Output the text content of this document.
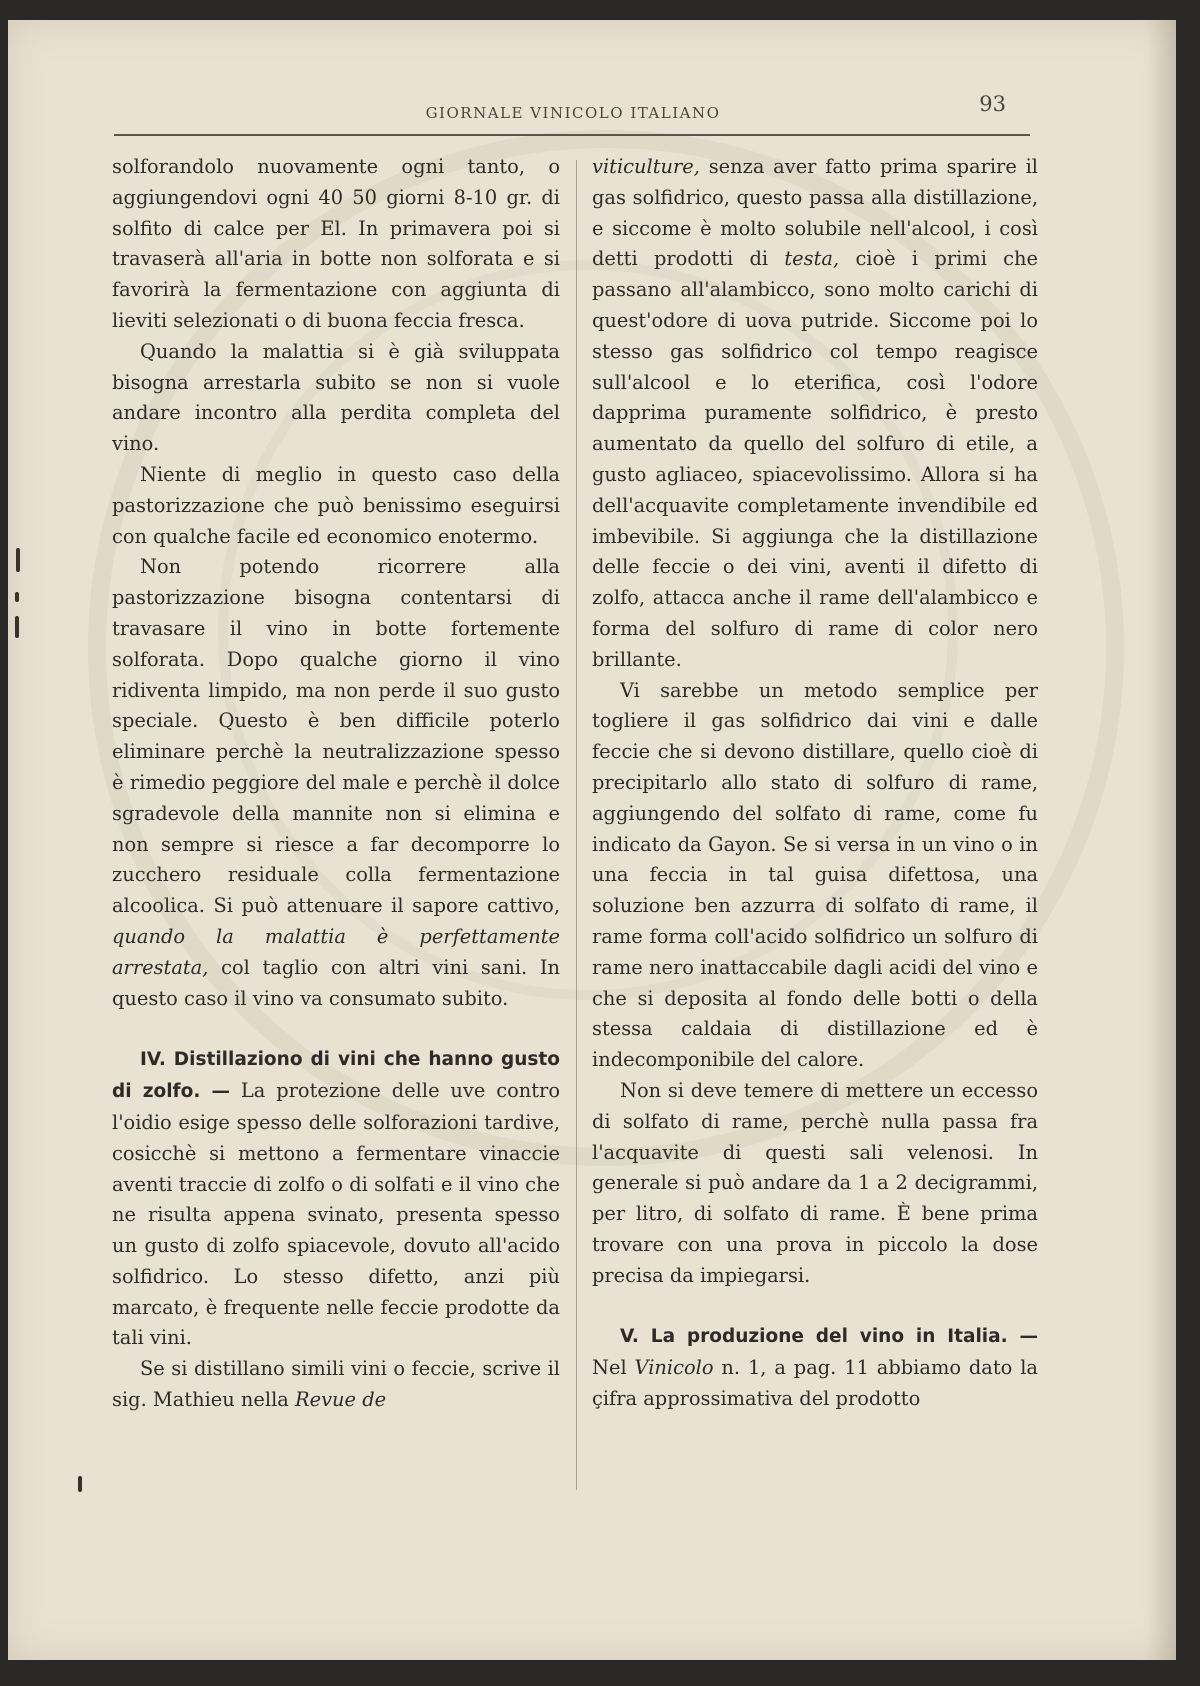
GIORNALE VINICOLO ITALIANO	93

solforandolo nuovamente ogni tanto, o aggiungendovi ogni 40 50 giorni 8-10 gr. di solfito di calce per El. In primavera poi si travaserà all'aria in botte non solforata e si favorirà la fermentazione con aggiunta di lieviti selezionati o di buona feccia fresca.

Quando la malattia si è già sviluppata bisogna arrestarla subito se non si vuole andare incontro alla perdita completa del vino.

Niente di meglio in questo caso della pastorizzazione che può benissimo eseguirsi con qualche facile ed economico enotermo.

Non potendo ricorrere alla pastorizzazione bisogna contentarsi di travasare il vino in botte fortemente solforata. Dopo qualche giorno il vino ridiventa limpido, ma non perde il suo gusto speciale. Questo è ben difficile poterlo eliminare perchè la neutralizzazione spesso è rimedio peggiore del male e perchè il dolce sgradevole della mannite non si elimina e non sempre si riesce a far decomporre lo zucchero residuale colla fermentazione alcoolica. Si può attenuare il sapore cattivo, quando la malattia è perfettamente arrestata, col taglio con altri vini sani. In questo caso il vino va consumato subito.

IV. Distillaziono di vini che hanno gusto di zolfo. — La protezione delle uve contro l'oidio esige spesso delle solforazioni tardive, cosicchè si mettono a fermentare vinaccie aventi traccie di zolfo o di solfati e il vino che ne risulta appena svinato, presenta spesso un gusto di zolfo spiacevole, dovuto all'acido solfidrico. Lo stesso difetto, anzi più marcato, è frequente nelle feccie prodotte da tali vini.

Se si distillano simili vini o feccie, scrive il sig. Mathieu nella Revue de

viticulture, senza aver fatto prima sparire il gas solfidrico, questo passa alla distillazione, e siccome è molto solubile nell'alcool, i così detti prodotti di testa, cioè i primi che passano all'alambicco, sono molto carichi di quest'odore di uova putride. Siccome poi lo stesso gas solfidrico col tempo reagisce sull'alcool e lo eterifica, così l'odore dapprima puramente solfidrico, è presto aumentato da quello del solfuro di etile, a gusto agliaceo, spiacevolissimo. Allora si ha dell'acquavite completamente invendibile ed imbevibile. Si aggiunga che la distillazione delle feccie o dei vini, aventi il difetto di zolfo, attacca anche il rame dell'alambicco e forma del solfuro di rame di color nero brillante.

Vi sarebbe un metodo semplice per togliere il gas solfidrico dai vini e dalle feccie che si devono distillare, quello cioè di precipitarlo allo stato di solfuro di rame, aggiungendo del solfato di rame, come fu indicato da Gayon. Se si versa in un vino o in una feccia in tal guisa difettosa, una soluzione ben azzurra di solfato di rame, il rame forma coll'acido solfidrico un solfuro di rame nero inattaccabile dagli acidi del vino e che si deposita al fondo delle botti o della stessa caldaia di distillazione ed è indecomponibile del calore.

Non si deve temere di mettere un eccesso di solfato di rame, perchè nulla passa fra l'acquavite di questi sali velenosi. In generale si può andare da 1 a 2 decigrammi, per litro, di solfato di rame. È bene prima trovare con una prova in piccolo la dose precisa da impiegarsi.

V. La produzione del vino in Italia. — Nel Vinicolo n. 1, a pag. 11 abbiamo dato la çifra approssimativa del prodotto
